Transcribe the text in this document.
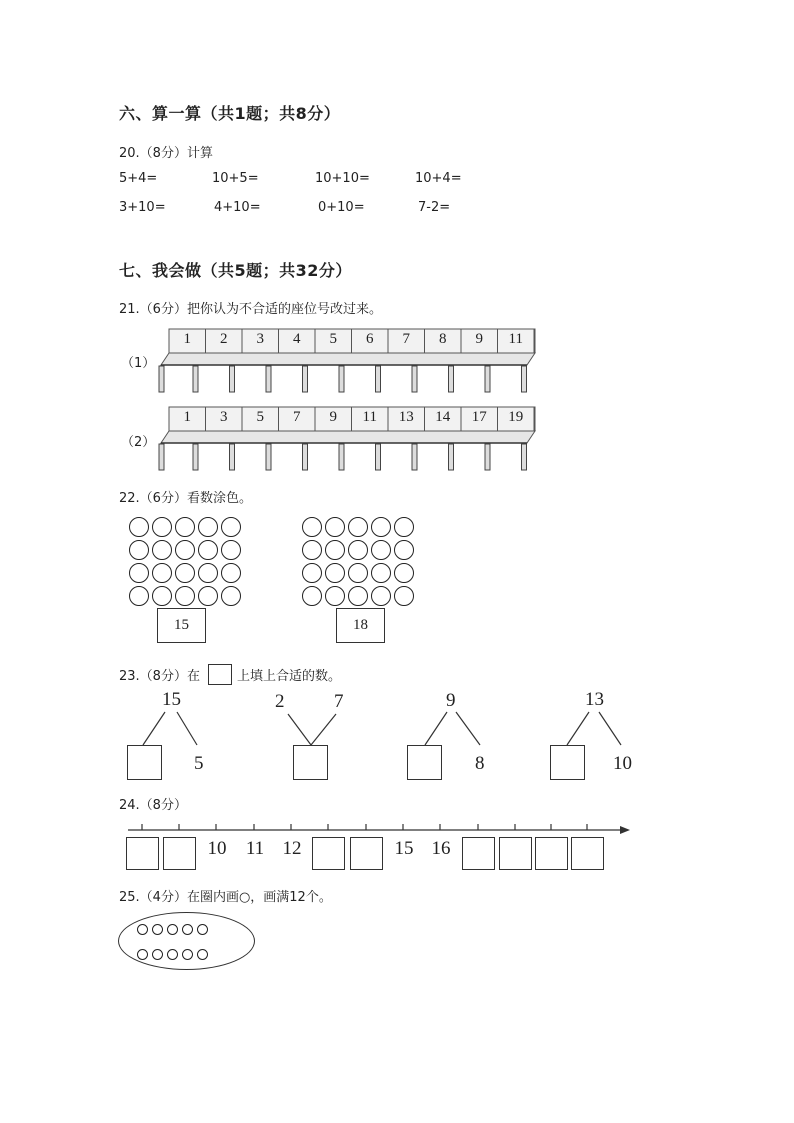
六、算一算（共1题；共8分）
20.（8分）计算
5+4=	10+5=	10+10=	10+4=
3+10=	4+10=	0+10=	7-2=
七、我会做（共5题；共32分）
21.（6分）把你认为不合适的座位号改过来。
（1）
（2）
1	2	3	4	5	6	7	8	9	11
1	3	5	7	9	11	13	14	17	19
22.（6分）看数涂色。
15	18
23.（8分）在	上填上合适的数。
15
5
2	7	9
8
13
10
24.（8分）
10	11 12	15 16
25.（4分）在圈内画○，画满12个。
